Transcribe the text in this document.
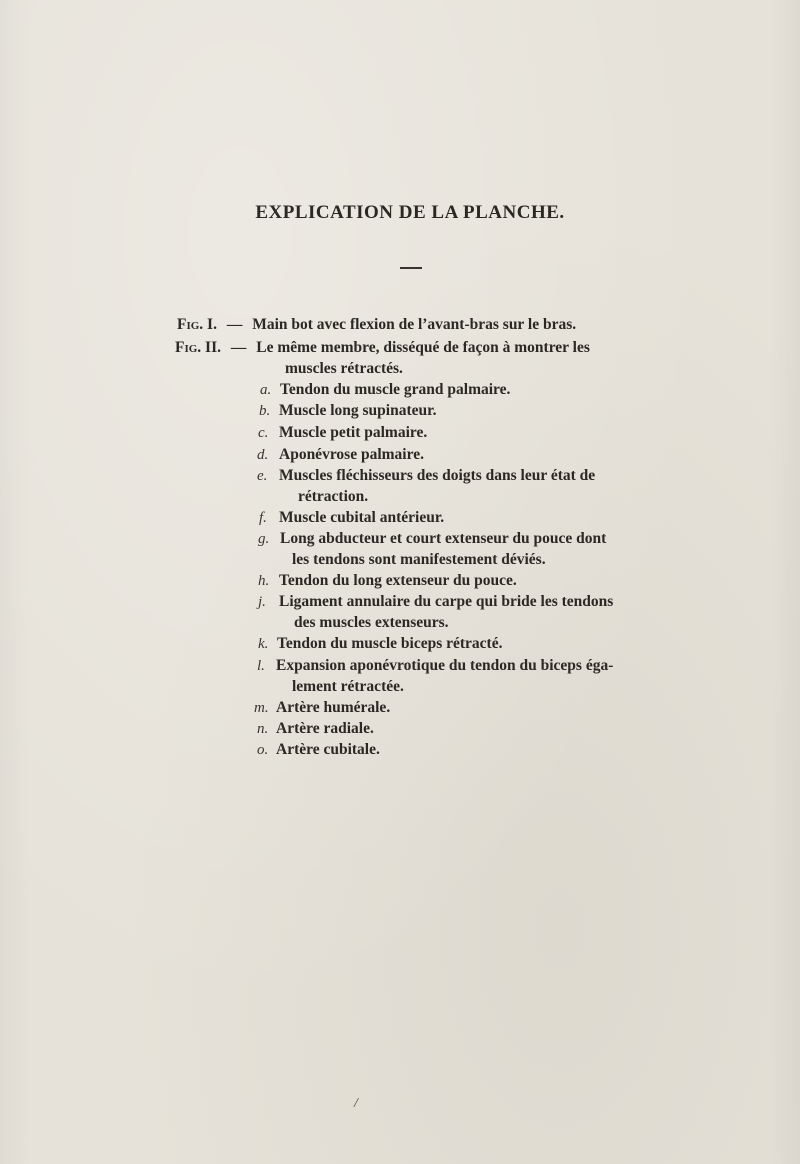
EXPLICATION DE LA PLANCHE.
Fig. I. — Main bot avec flexion de l’avant-bras sur le bras.
Fig. II. — Le même membre, disséqué de façon à montrer les
muscles rétractés.
a. Tendon du muscle grand palmaire.
b. Muscle long supinateur.
c. Muscle petit palmaire.
d. Aponévrose palmaire.
e. Muscles fléchisseurs des doigts dans leur état de
rétraction.
f. Muscle cubital antérieur.
g. Long abducteur et court extenseur du pouce dont
les tendons sont manifestement déviés.
h. Tendon du long extenseur du pouce.
j. Ligament annulaire du carpe qui bride les tendons
des muscles extenseurs.
k. Tendon du muscle biceps rétracté.
l. Expansion aponévrotique du tendon du biceps éga-
lement rétractée.
m. Artère humérale.
n. Artère radiale.
o. Artère cubitale.
/
